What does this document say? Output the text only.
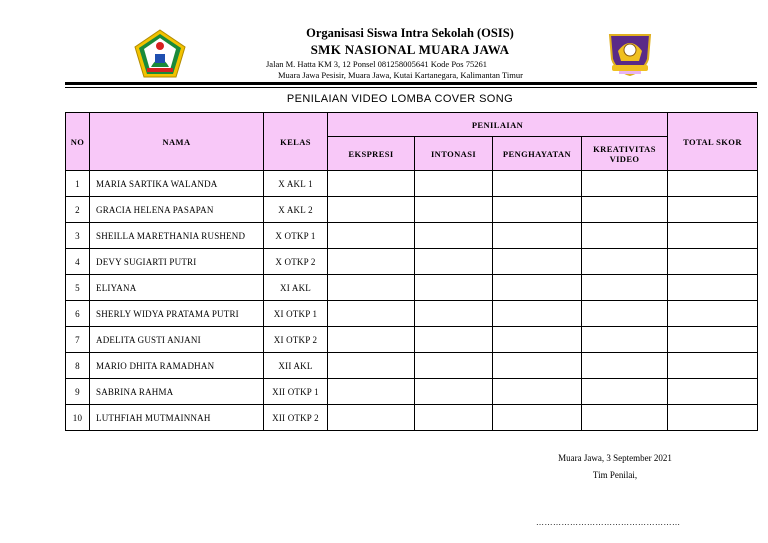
Organisasi Siswa Intra Sekolah (OSIS)
SMK NASIONAL MUARA JAWA
Jalan M. Hatta KM 3, 12 Ponsel 081258005641 Kode Pos 75261
Muara Jawa Pesisir, Muara Jawa, Kutai Kartanegara, Kalimantan Timur
PENILAIAN VIDEO LOMBA COVER SONG
NO	NAMA	KELAS	PENILAIAN				TOTAL SKOR
			EKSPRESI	INTONASI	PENGHAYATAN	KREATIVITAS VIDEO	
1	MARIA SARTIKA WALANDA	X AKL 1					
2	GRACIA HELENA PASAPAN	X AKL 2					
3	SHEILLA MARETHANIA RUSHEND	X OTKP 1					
4	DEVY SUGIARTI PUTRI	X OTKP 2					
5	ELIYANA	XI AKL					
6	SHERLY WIDYA PRATAMA PUTRI	XI OTKP 1					
7	ADELITA GUSTI ANJANI	XI OTKP 2					
8	MARIO DHITA RAMADHAN	XII AKL					
9	SABRINA RAHMA	XII OTKP 1					
10	LUTHFIAH MUTMAINNAH	XII OTKP 2					
Muara Jawa, 3 September 2021
Tim Penilai,
……………………………………………
